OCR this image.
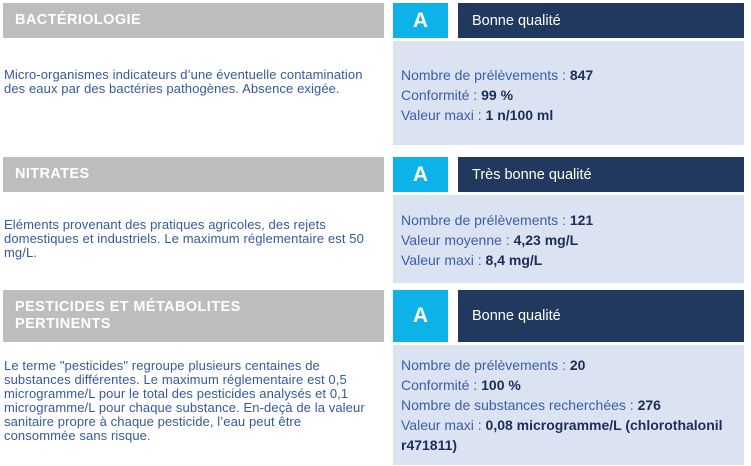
BACTÉRIOLOGIE	A	Bonne qualité

Micro-organismes indicateurs d’une éventuelle contamination des eaux par des bactéries pathogènes. Absence exigée.

Nombre de prélèvements : 847
Conformité : 99 %
Valeur maxi : 1 n/100 ml
NITRATES	A	Très bonne qualité

Eléments provenant des pratiques agricoles, des rejets domestiques et industriels. Le maximum réglementaire est 50 mg/L.

Nombre de prélèvements : 121
Valeur moyenne : 4,23 mg/L
Valeur maxi : 8,4 mg/L
PESTICIDES ET MÉTABOLITES PERTINENTS	A	Bonne qualité

Le terme "pesticides" regroupe plusieurs centaines de substances différentes. Le maximum réglementaire est 0,5 microgramme/L pour le total des pesticides analysés et 0,1 microgramme/L pour chaque substance. En-deçà de la valeur sanitaire propre à chaque pesticide, l’eau peut être consommée sans risque.

Nombre de prélèvements : 20
Conformité : 100 %
Nombre de substances recherchées : 276
Valeur maxi : 0,08 microgramme/L (chlorothalonil r471811)
